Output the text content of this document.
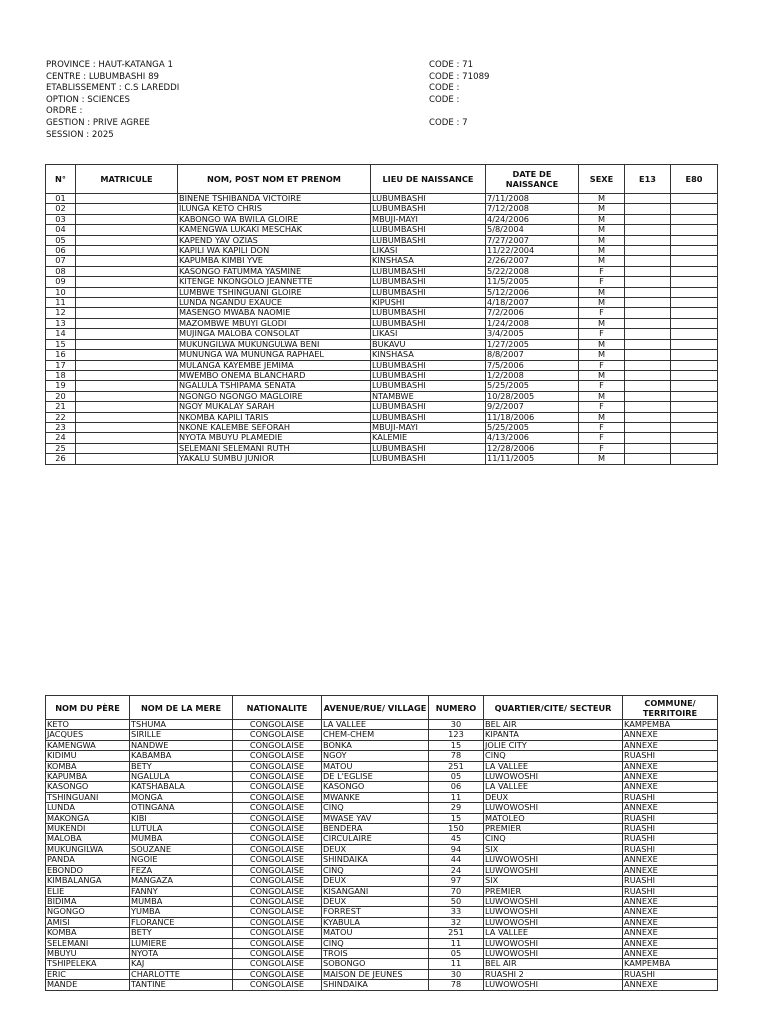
PROVINCE : HAUT-KATANGA 1
CENTRE : LUBUMBASHI 89
ETABLISSEMENT : C.S LAREDDI
OPTION : SCIENCES
ORDRE :
GESTION : PRIVE AGREE
SESSION : 2025
CODE : 71
CODE : 71089
CODE :
CODE :
CODE : 7
N°	MATRICULE	NOM, POST NOM ET PRENOM	LIEU DE NAISSANCE	DATE DE NAISSANCE	SEXE	E13	E80
01		BINENE TSHIBANDA VICTOIRE	LUBUMBASHI	7/11/2008	M		
02		ILUNGA KETO CHRIS	LUBUMBASHI	7/12/2008	M		
03		KABONGO WA BWILA GLOIRE	MBUJI-MAYI	4/24/2006	M		
04		KAMENGWA LUKAKI MESCHAK	LUBUMBASHI	5/8/2004	M		
05		KAPEND YAV OZIAS	LUBUMBASHI	7/27/2007	M		
06		KAPILI WA KAPILI DON	LIKASI	11/22/2004	M		
07		KAPUMBA KIMBI YVE	KINSHASA	2/26/2007	M		
08		KASONGO FATUMMA YASMINE	LUBUMBASHI	5/22/2008	F		
09		KITENGE NKONGOLO JEANNETTE	LUBUMBASHI	11/5/2005	F		
10		LUMBWE TSHINGUANI GLOIRE	LUBUMBASHI	5/12/2006	M		
11		LUNDA NGANDU EXAUCE	KIPUSHI	4/18/2007	M		
12		MASENGO MWABA NAOMIE	LUBUMBASHI	7/2/2006	F		
13		MAZOMBWE MBUYI GLODI	LUBUMBASHI	1/24/2008	M		
14		MUJINGA MALOBA CONSOLAT	LIKASI	3/4/2005	F		
15		MUKUNGILWA MUKUNGULWA BENI	BUKAVU	1/27/2005	M		
16		MUNUNGA WA MUNUNGA RAPHAEL	KINSHASA	8/8/2007	M		
17		MULANGA KAYEMBE JEMIMA	LUBUMBASHI	7/5/2006	F		
18		MWEMBO ONEMA BLANCHARD	LUBUMBASHI	1/2/2008	M		
19		NGALULA TSHIPAMA SENATA	LUBUMBASHI	5/25/2005	F		
20		NGONGO NGONGO MAGLOIRE	NTAMBWE	10/28/2005	M		
21		NGOY MUKALAY SARAH	LUBUMBASHI	9/2/2007	F		
22		NKOMBA KAPILI TARIS	LUBUMBASHI	11/18/2006	M		
23		NKONE KALEMBE SEFORAH	MBUJI-MAYI	5/25/2005	F		
24		NYOTA MBUYU PLAMEDIE	KALEMIE	4/13/2006	F		
25		SELEMANI SELEMANI RUTH	LUBUMBASHI	12/28/2006	F		
26		YAKALU SUMBU JUNIOR	LUBUMBASHI	11/11/2005	M		
NOM DU PÈRE	NOM DE LA MERE	NATIONALITE	AVENUE/RUE/ VILLAGE	NUMERO	QUARTIER/CITE/ SECTEUR	COMMUNE/ TERRITOIRE
KETO	TSHUMA	CONGOLAISE	LA VALLEE	30	BEL AIR	KAMPEMBA
JACQUES	SIRILLE	CONGOLAISE	CHEM-CHEM	123	KIPANTA	ANNEXE
KAMENGWA	NANDWE	CONGOLAISE	BONKA	15	JOLIE CITY	ANNEXE
KIDIMU	KABAMBA	CONGOLAISE	NGOY	78	CINQ	RUASHI
KOMBA	BETY	CONGOLAISE	MATOU	251	LA VALLEE	ANNEXE
KAPUMBA	NGALULA	CONGOLAISE	DE L'EGLISE	05	LUWOWOSHI	ANNEXE
KASONGO	KATSHABALA	CONGOLAISE	KASONGO	06	LA VALLEE	ANNEXE
TSHINGUANI	MONGA	CONGOLAISE	MWANKE	11	DEUX	RUASHI
LUNDA	OTINGANA	CONGOLAISE	CINQ	29	LUWOWOSHI	ANNEXE
MAKONGA	KIBI	CONGOLAISE	MWASE YAV	15	MATOLEO	RUASHI
MUKENDI	LUTULA	CONGOLAISE	BENDERA	150	PREMIER	RUASHI
MALOBA	MUMBA	CONGOLAISE	CIRCULAIRE	45	CINQ	RUASHI
MUKUNGILWA	SOUZANE	CONGOLAISE	DEUX	94	SIX	RUASHI
PANDA	NGOIE	CONGOLAISE	SHINDAIKA	44	LUWOWOSHI	ANNEXE
EBONDO	FEZA	CONGOLAISE	CINQ	24	LUWOWOSHI	ANNEXE
KIMBALANGA	MANGAZA	CONGOLAISE	DEUX	97	SIX	RUASHI
ELIE	FANNY	CONGOLAISE	KISANGANI	70	PREMIER	RUASHI
BIDIMA	MUMBA	CONGOLAISE	DEUX	50	LUWOWOSHI	ANNEXE
NGONGO	YUMBA	CONGOLAISE	FORREST	33	LUWOWOSHI	ANNEXE
AMISI	FLORANCE	CONGOLAISE	KYABULA	32	LUWOWOSHI	ANNEXE
KOMBA	BETY	CONGOLAISE	MATOU	251	LA VALLEE	ANNEXE
SELEMANI	LUMIERE	CONGOLAISE	CINQ	11	LUWOWOSHI	ANNEXE
MBUYU	NYOTA	CONGOLAISE	TROIS	05	LUWOWOSHI	ANNEXE
TSHIPELEKA	KAJ	CONGOLAISE	SOBONGO	11	BEL AIR	KAMPEMBA
ERIC	CHARLOTTE	CONGOLAISE	MAISON DE JEUNES	30	RUASHI 2	RUASHI
MANDE	TANTINE	CONGOLAISE	SHINDAIKA	78	LUWOWOSHI	ANNEXE
